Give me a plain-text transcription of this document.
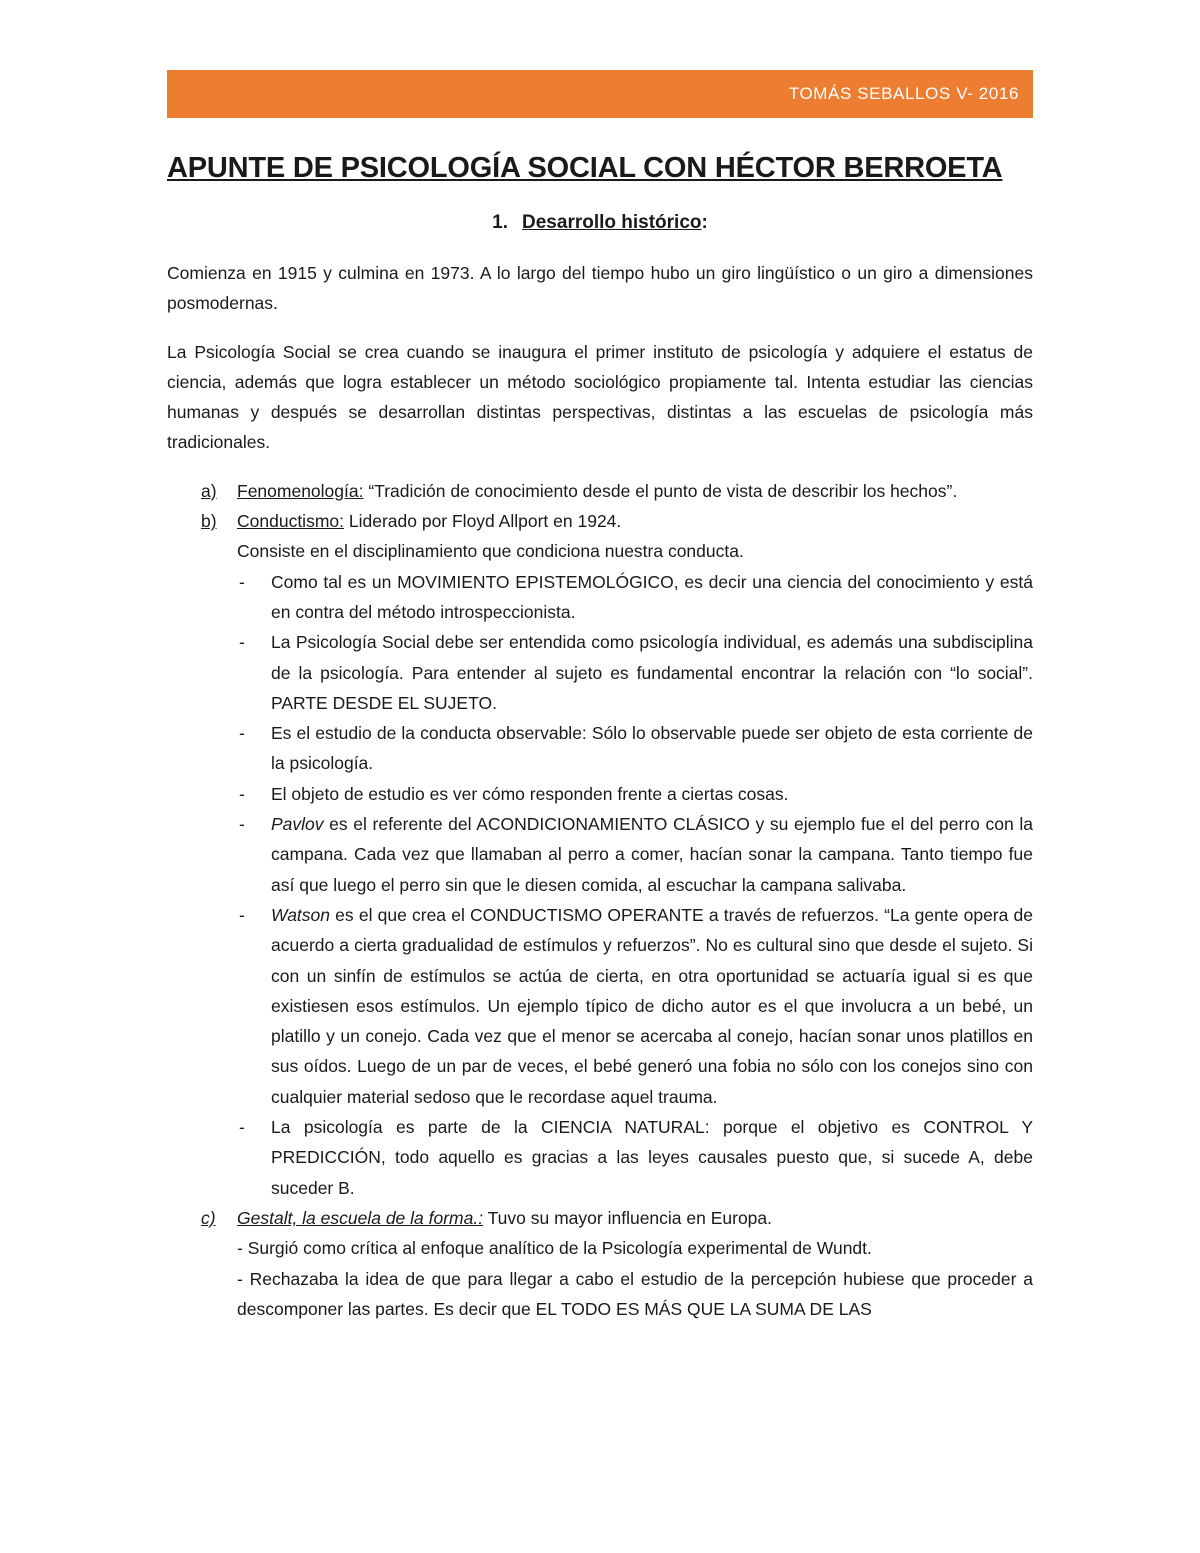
TOMÁS SEBALLOS V- 2016
APUNTE DE PSICOLOGÍA SOCIAL CON HÉCTOR BERROETA
1. Desarrollo histórico:

Comienza en 1915 y culmina en 1973. A lo largo del tiempo hubo un giro lingüístico o un giro a dimensiones posmodernas.

La Psicología Social se crea cuando se inaugura el primer instituto de psicología y adquiere el estatus de ciencia, además que logra establecer un método sociológico propiamente tal. Intenta estudiar las ciencias humanas y después se desarrollan distintas perspectivas, distintas a las escuelas de psicología más tradicionales.

a) Fenomenología: “Tradición de conocimiento desde el punto de vista de describir los hechos”.
b) Conductismo: Liderado por Floyd Allport en 1924.
Consiste en el disciplinamiento que condiciona nuestra conducta.
- Como tal es un MOVIMIENTO EPISTEMOLÓGICO, es decir una ciencia del conocimiento y está en contra del método introspeccionista.
- La Psicología Social debe ser entendida como psicología individual, es además una subdisciplina de la psicología. Para entender al sujeto es fundamental encontrar la relación con “lo social”. PARTE DESDE EL SUJETO.
- Es el estudio de la conducta observable: Sólo lo observable puede ser objeto de esta corriente de la psicología.
- El objeto de estudio es ver cómo responden frente a ciertas cosas.
- Pavlov es el referente del ACONDICIONAMIENTO CLÁSICO y su ejemplo fue el del perro con la campana. Cada vez que llamaban al perro a comer, hacían sonar la campana. Tanto tiempo fue así que luego el perro sin que le diesen comida, al escuchar la campana salivaba.
- Watson es el que crea el CONDUCTISMO OPERANTE a través de refuerzos. “La gente opera de acuerdo a cierta gradualidad de estímulos y refuerzos”. No es cultural sino que desde el sujeto. Si con un sinfín de estímulos se actúa de cierta, en otra oportunidad se actuaría igual si es que existiesen esos estímulos. Un ejemplo típico de dicho autor es el que involucra a un bebé, un platillo y un conejo. Cada vez que el menor se acercaba al conejo, hacían sonar unos platillos en sus oídos. Luego de un par de veces, el bebé generó una fobia no sólo con los conejos sino con cualquier material sedoso que le recordase aquel trauma.
- La psicología es parte de la CIENCIA NATURAL: porque el objetivo es CONTROL Y PREDICCIÓN, todo aquello es gracias a las leyes causales puesto que, si sucede A, debe suceder B.
c) Gestalt, la escuela de la forma.: Tuvo su mayor influencia en Europa.
- Surgió como crítica al enfoque analítico de la Psicología experimental de Wundt.
- Rechazaba la idea de que para llegar a cabo el estudio de la percepción hubiese que proceder a descomponer las partes. Es decir que EL TODO ES MÁS QUE LA SUMA DE LAS
